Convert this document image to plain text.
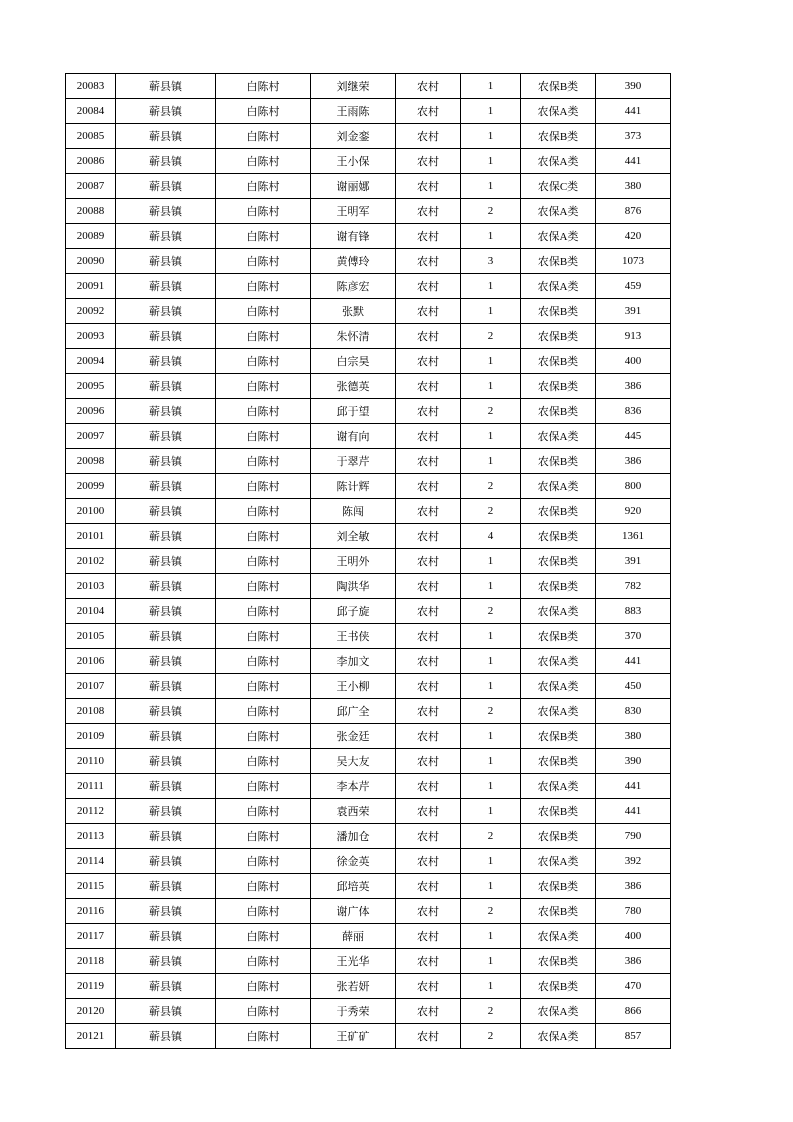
20083	蕲县镇	白陈村	刘继荣	农村	1	农保B类	390
20084	蕲县镇	白陈村	王雨陈	农村	1	农保A类	441
20085	蕲县镇	白陈村	刘金銮	农村	1	农保B类	373
20086	蕲县镇	白陈村	王小保	农村	1	农保A类	441
20087	蕲县镇	白陈村	谢丽娜	农村	1	农保C类	380
20088	蕲县镇	白陈村	王明军	农村	2	农保A类	876
20089	蕲县镇	白陈村	谢有锋	农村	1	农保A类	420
20090	蕲县镇	白陈村	黄傅玲	农村	3	农保B类	1073
20091	蕲县镇	白陈村	陈彦宏	农村	1	农保A类	459
20092	蕲县镇	白陈村	张默	农村	1	农保B类	391
20093	蕲县镇	白陈村	朱怀清	农村	2	农保B类	913
20094	蕲县镇	白陈村	白宗昊	农村	1	农保B类	400
20095	蕲县镇	白陈村	张德英	农村	1	农保B类	386
20096	蕲县镇	白陈村	邱于望	农村	2	农保B类	836
20097	蕲县镇	白陈村	谢有向	农村	1	农保A类	445
20098	蕲县镇	白陈村	于翠芹	农村	1	农保B类	386
20099	蕲县镇	白陈村	陈计辉	农村	2	农保A类	800
20100	蕲县镇	白陈村	陈闯	农村	2	农保B类	920
20101	蕲县镇	白陈村	刘全敏	农村	4	农保B类	1361
20102	蕲县镇	白陈村	王明外	农村	1	农保B类	391
20103	蕲县镇	白陈村	陶洪华	农村	1	农保B类	782
20104	蕲县镇	白陈村	邱子旋	农村	2	农保A类	883
20105	蕲县镇	白陈村	王书侠	农村	1	农保B类	370
20106	蕲县镇	白陈村	李加文	农村	1	农保A类	441
20107	蕲县镇	白陈村	王小柳	农村	1	农保A类	450
20108	蕲县镇	白陈村	邱广全	农村	2	农保A类	830
20109	蕲县镇	白陈村	张金廷	农村	1	农保B类	380
20110	蕲县镇	白陈村	吴大友	农村	1	农保B类	390
20111	蕲县镇	白陈村	李本芹	农村	1	农保A类	441
20112	蕲县镇	白陈村	袁西荣	农村	1	农保B类	441
20113	蕲县镇	白陈村	潘加仓	农村	2	农保B类	790
20114	蕲县镇	白陈村	徐金英	农村	1	农保A类	392
20115	蕲县镇	白陈村	邱培英	农村	1	农保B类	386
20116	蕲县镇	白陈村	谢广体	农村	2	农保B类	780
20117	蕲县镇	白陈村	薛丽	农村	1	农保A类	400
20118	蕲县镇	白陈村	王光华	农村	1	农保B类	386
20119	蕲县镇	白陈村	张若妍	农村	1	农保B类	470
20120	蕲县镇	白陈村	于秀荣	农村	2	农保A类	866
20121	蕲县镇	白陈村	王矿矿	农村	2	农保A类	857
